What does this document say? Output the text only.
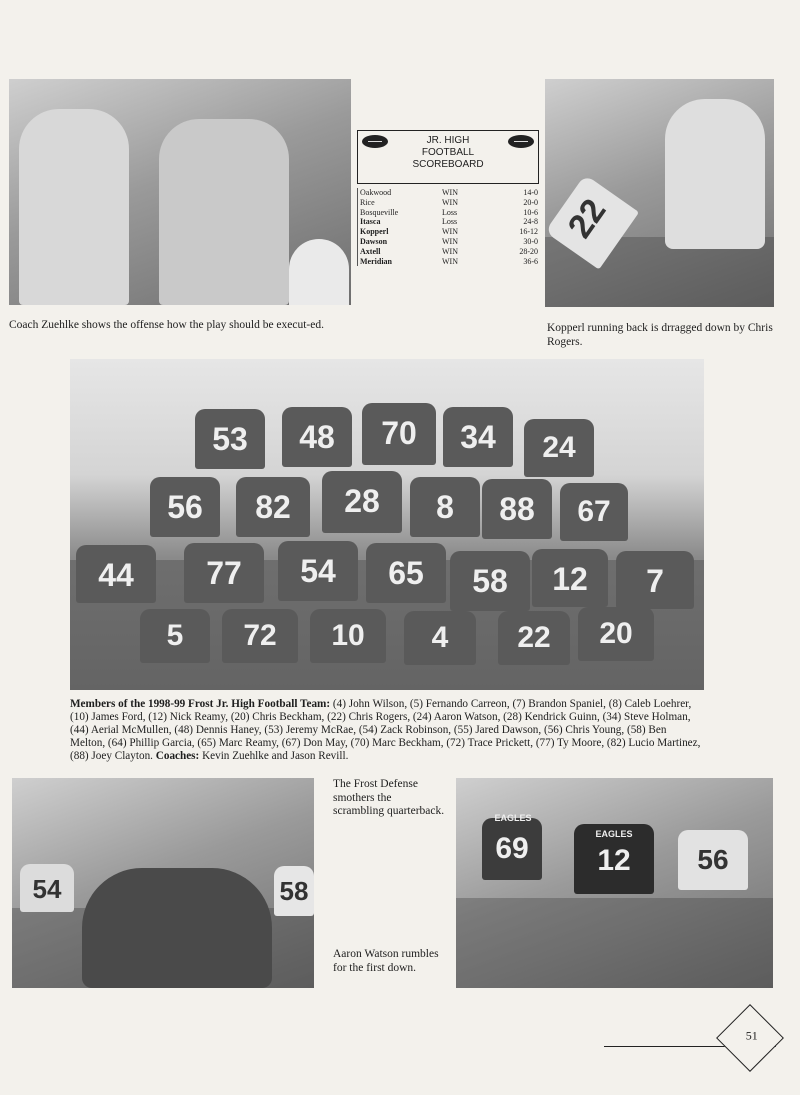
Coach Zuehlke shows the offense how the play should be execut-ed.
JR. HIGH
FOOTBALL
SCOREBOARD
Oakwood	WIN	14-0
Rice	WIN	20-0
Bosqueville	Loss	10-6
Itasca	Loss	24-8
Kopperl	WIN	16-12
Dawson	WIN	30-0
Axtell	WIN	28-20
Meridian	WIN	36-6
22
Kopperl running back is drragged down by Chris Rogers.
53	48	70	34	24
56	82	28	8	88	67
44	77	54	65	58	12	7
5	72	10	4	22	20
Members of the 1998-99 Frost Jr. High Football Team: (4) John Wilson, (5) Fernando Carreon, (7) Brandon Spaniel, (8) Caleb Loehrer, (10) James Ford, (12) Nick Reamy, (20) Chris Beckham, (22) Chris Rogers, (24) Aaron Watson, (28) Kendrick Guinn, (34) Steve Holman, (44) Aerial McMullen, (48) Dennis Haney, (53) Jeremy McRae, (54) Zack Robinson, (55) Jared Dawson, (56) Chris Young, (58) Ben Melton, (64) Phillip Garcia, (65) Marc Reamy, (67) Don May, (70) Marc Beckham, (72) Trace Prickett, (77) Ty Moore, (82) Lucio Martinez, (88) Joey Clayton. Coaches: Kevin Zuehlke and Jason Revill.
54	58
The Frost Defense smothers the scrambling quarterback.
Aaron Watson rumbles for the first down.
69	12	56
EAGLES
EAGLES
51
